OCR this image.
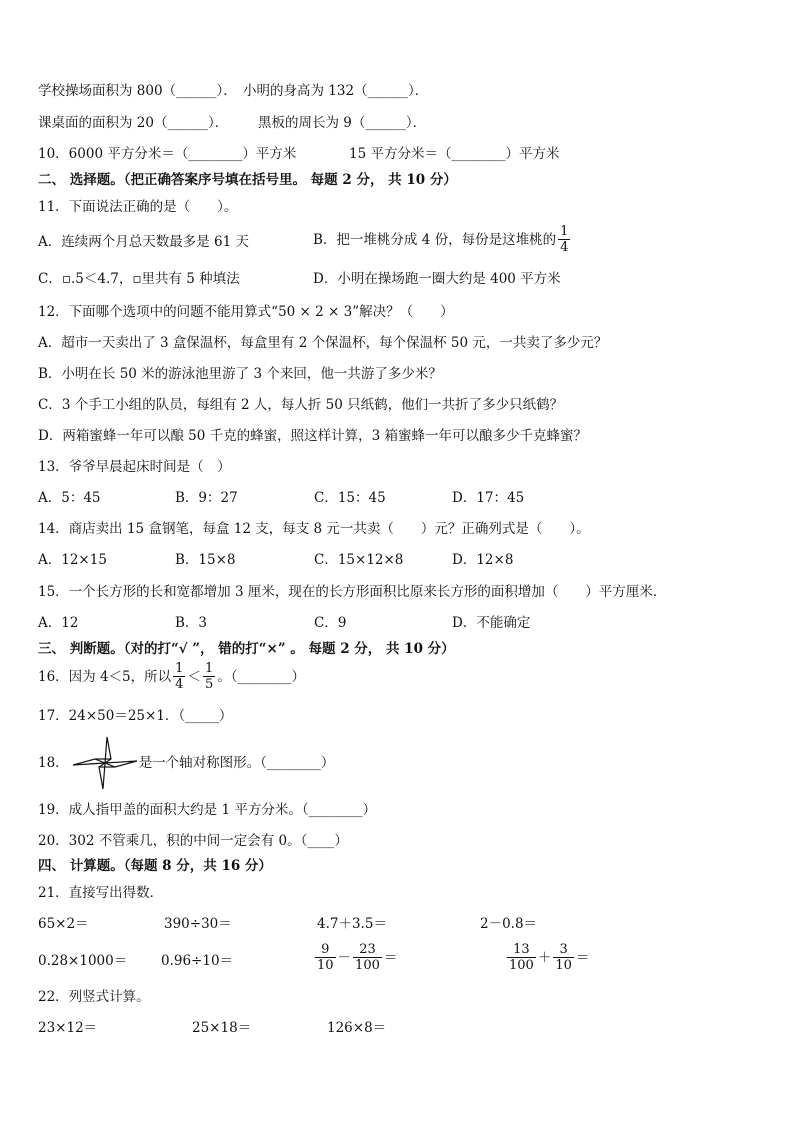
学校操场面积为 800（______）． 小明的身高为 132（______）．
课桌面的面积为 20（______）． 黑板的周长为 9（______）．
10．6000 平方分米＝（________）平方米	15 平方分米＝（________）平方米
二、 选择题。（把正确答案序号填在括号里。 每题 2 分， 共 10 分）
11．下面说法正确的是（　　）。
A．连续两个月总天数最多是 61 天	B．把一堆桃分成 4 份，每份是这堆桃的 $\frac{1}{4}$
C．▫.5＜4.7，▫里共有 5 种填法	D．小明在操场跑一圈大约是 400 平方米
12．下面哪个选项中的问题不能用算式“50 × 2 × 3”解决？（　　）
A．超市一天卖出了 3 盒保温杯，每盒里有 2 个保温杯，每个保温杯 50 元，一共卖了多少元？
B．小明在长 50 米的游泳池里游了 3 个来回，他一共游了多少米？
C．3 个手工小组的队员，每组有 2 人，每人折 50 只纸鹤，他们一共折了多少只纸鹤？
D．两箱蜜蜂一年可以酿 50 千克的蜂蜜，照这样计算，3 箱蜜蜂一年可以酿多少千克蜂蜜？
13．爷爷早晨起床时间是（　）
A．5：45	B．9：27	C．15：45	D．17：45
14．商店卖出 15 盒钢笔，每盒 12 支，每支 8 元一共卖（　　）元？正确列式是（　　）。
A．12×15	B．15×8	C．15×12×8	D．12×8
15．一个长方形的长和宽都增加 3 厘米，现在的长方形面积比原来长方形的面积增加（　　）平方厘米．
A．12	B．3	C．9	D．不能确定
三、 判断题。（对的打“√ ”， 错的打“×” 。 每题 2 分， 共 10 分）
16．因为 4＜5，所以 $\frac{1}{4} < \frac{1}{5}$ 。（________）
17．24×50＝25×1．（_____）
18．	是一个轴对称图形。（________）
19．成人指甲盖的面积大约是 1 平方分米。（________）
20．302 不管乘几，积的中间一定会有 0。（____）
四、 计算题。（每题 8 分，共 16 分）
21．直接写出得数．
65×2＝	390÷30＝	4.7＋3.5＝	2－0.8＝
0.28×1000＝	0.96÷10＝	$\frac{9}{10} - \frac{23}{100}$ ＝	$\frac{13}{100} + \frac{3}{10}$ ＝
22．列竖式计算。
23×12＝	25×18＝	126×8＝
